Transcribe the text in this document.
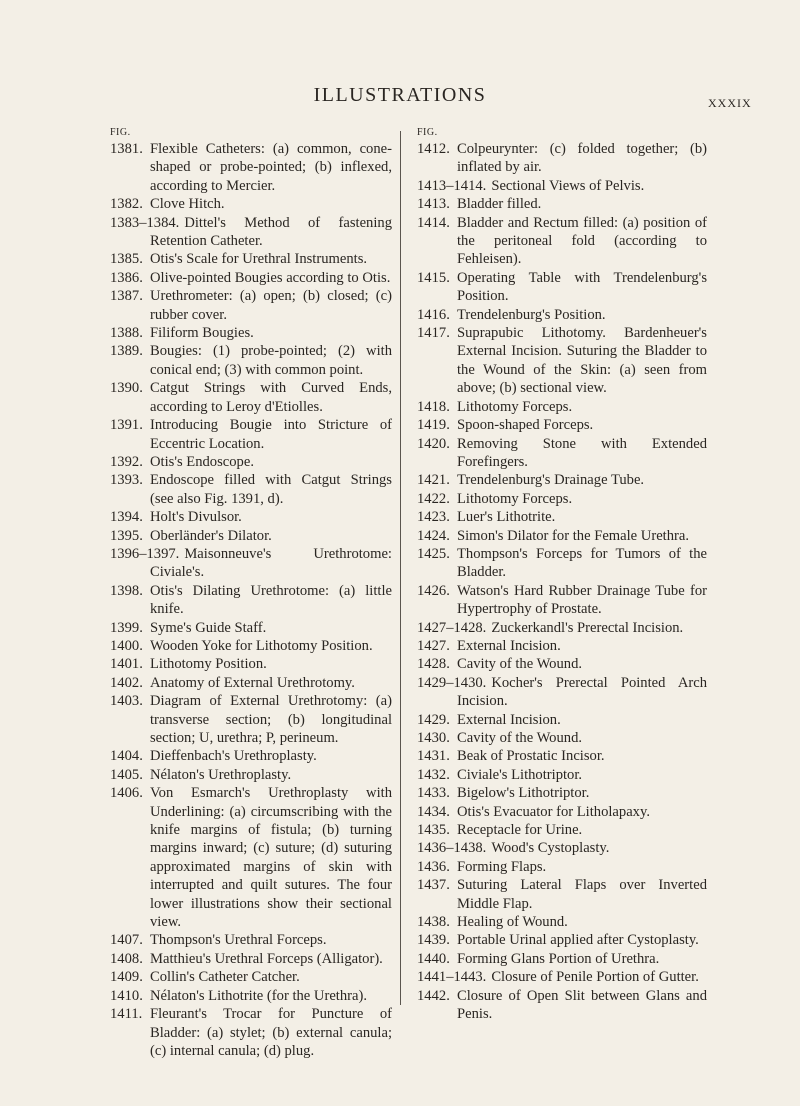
ILLUSTRATIONS	xxxix
FIG.

1381. Flexible Catheters: (a) common, cone-shaped or probe-pointed; (b) inflexed, according to Mercier.

1382. Clove Hitch.

1383–1384. Dittel's Method of fastening Retention Catheter.

1385. Otis's Scale for Urethral Instruments.

1386. Olive-pointed Bougies according to Otis.

1387. Urethrometer: (a) open; (b) closed; (c) rubber cover.

1388. Filiform Bougies.

1389. Bougies: (1) probe-pointed; (2) with conical end; (3) with common point.

1390. Catgut Strings with Curved Ends, according to Leroy d'Etiolles.

1391. Introducing Bougie into Stricture of Eccentric Location.

1392. Otis's Endoscope.

1393. Endoscope filled with Catgut Strings (see also Fig. 1391, d).

1394. Holt's Divulsor.

1395. Oberländer's Dilator.

1396–1397. Maisonneuve's Urethrotome: Civiale's.

1398. Otis's Dilating Urethrotome: (a) little knife.

1399. Syme's Guide Staff.

1400. Wooden Yoke for Lithotomy Position.

1401. Lithotomy Position.

1402. Anatomy of External Urethrotomy.

1403. Diagram of External Urethrotomy: (a) transverse section; (b) longitudinal section; U, urethra; P, perineum.

1404. Dieffenbach's Urethroplasty.

1405. Nélaton's Urethroplasty.

1406. Von Esmarch's Urethroplasty with Underlining: (a) circumscribing with the knife margins of fistula; (b) turning margins inward; (c) suture; (d) suturing approximated margins of skin with interrupted and quilt sutures. The four lower illustrations show their sectional view.

1407. Thompson's Urethral Forceps.

1408. Matthieu's Urethral Forceps (Alligator).

1409. Collin's Catheter Catcher.

1410. Nélaton's Lithotrite (for the Urethra).

1411. Fleurant's Trocar for Puncture of Bladder: (a) stylet; (b) external canula; (c) internal canula; (d) plug.

FIG.

1412. Colpeurynter: (c) folded together; (b) inflated by air.

1413–1414. Sectional Views of Pelvis.

1413. Bladder filled.

1414. Bladder and Rectum filled: (a) position of the peritoneal fold (according to Fehleisen).

1415. Operating Table with Trendelenburg's Position.

1416. Trendelenburg's Position.

1417. Suprapubic Lithotomy. Bardenheuer's External Incision. Suturing the Bladder to the Wound of the Skin: (a) seen from above; (b) sectional view.

1418. Lithotomy Forceps.

1419. Spoon-shaped Forceps.

1420. Removing Stone with Extended Forefingers.

1421. Trendelenburg's Drainage Tube.

1422. Lithotomy Forceps.

1423. Luer's Lithotrite.

1424. Simon's Dilator for the Female Urethra.

1425. Thompson's Forceps for Tumors of the Bladder.

1426. Watson's Hard Rubber Drainage Tube for Hypertrophy of Prostate.

1427–1428. Zuckerkandl's Prerectal Incision.

1427. External Incision.

1428. Cavity of the Wound.

1429–1430. Kocher's Prerectal Pointed Arch Incision.

1429. External Incision.

1430. Cavity of the Wound.

1431. Beak of Prostatic Incisor.

1432. Civiale's Lithotriptor.

1433. Bigelow's Lithotriptor.

1434. Otis's Evacuator for Litholapaxy.

1435. Receptacle for Urine.

1436–1438. Wood's Cystoplasty.

1436. Forming Flaps.

1437. Suturing Lateral Flaps over Inverted Middle Flap.

1438. Healing of Wound.

1439. Portable Urinal applied after Cystoplasty.

1440. Forming Glans Portion of Urethra.

1441–1443. Closure of Penile Portion of Gutter.

1442. Closure of Open Slit between Glans and Penis.
